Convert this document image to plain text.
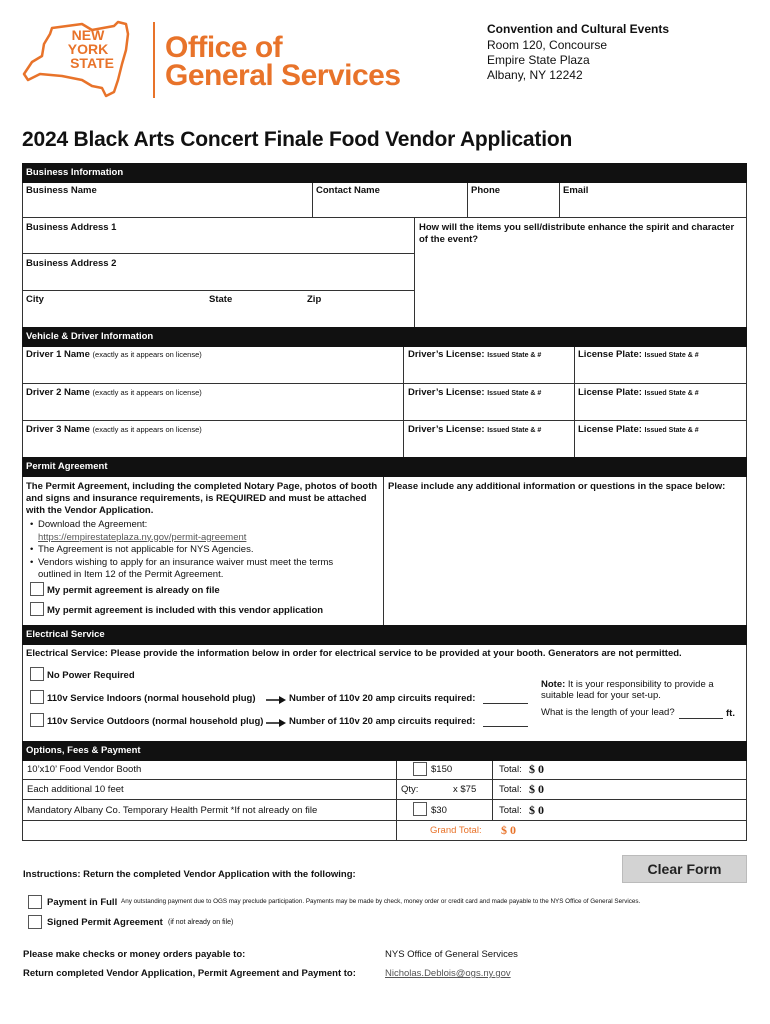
NEW
YORK
STATE Office of
General Services
Convention and Cultural Events
Room 120, Concourse
Empire State Plaza
Albany, NY 12242
2024 Black Arts Concert Finale Food Vendor Application
Business Information
Business Name	Contact Name	Phone	Email
Business Address 1	How will the items you sell/distribute enhance the spirit and character
of the event?
Business Address 2
City	State	Zip
Vehicle & Driver Information
Driver 1 Name (exactly as it appears on license)	Driver’s License: Issued State & #	License Plate: Issued State & #
Driver 2 Name (exactly as it appears on license)	Driver’s License: Issued State & #	License Plate: Issued State & #
Driver 3 Name (exactly as it appears on license)	Driver’s License: Issued State & #	License Plate: Issued State & #
Permit Agreement
The Permit Agreement, including the completed Notary Page, photos of booth
and signs and insurance requirements, is REQUIRED and must be attached
with the Vendor Application.
• Download the Agreement:
https://empirestateplaza.ny.gov/permit-agreement
• The Agreement is not applicable for NYS Agencies.
• Vendors wishing to apply for an insurance waiver must meet the terms
outlined in Item 12 of the Permit Agreement.
My permit agreement is already on file
My permit agreement is included with this vendor application
Please include any additional information or questions in the space below:
Electrical Service
Electrical Service: Please provide the information below in order for electrical service to be provided at your booth. Generators are not permitted.
No Power Required
110v Service Indoors (normal household plug)	Number of 110v 20 amp circuits required:
110v Service Outdoors (normal household plug)	Number of 110v 20 amp circuits required:
Note: It is your responsibility to provide a
suitable lead for your set-up.
What is the length of your lead?	ft.
Options, Fees & Payment
10’x10’ Food Vendor Booth	$150	Total: $ 0
Each additional 10 feet	Qty:	x $75 Total: $ 0
Mandatory Albany Co. Temporary Health Permit *If not already on file	$30	Total: $ 0
Grand Total: $ 0
Instructions: Return the completed Vendor Application with the following:	Clear Form
Payment in Full Any outstanding payment due to OGS may preclude participation. Payments may be made by check, money order or credit card and made payable to the NYS Office of General Services.
Signed Permit Agreement (if not already on file)
Please make checks or money orders payable to:	NYS Office of General Services
Return completed Vendor Application, Permit Agreement and Payment to:	Nicholas.Deblois@ogs.ny.gov
